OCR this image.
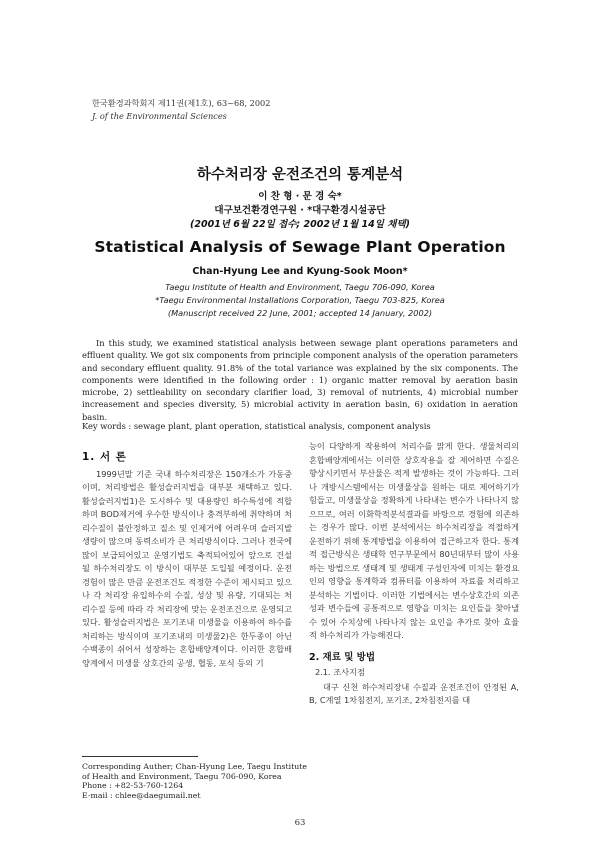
한국환경과학회지 제11권(제1호), 63~68, 2002
J. of the Environmental Sciences
하수처리장 운전조건의 통계분석
이 찬 형 · 문 경 숙*
대구보건환경연구원 · *대구환경시설공단
(2001년 6월 22일 접수; 2002년 1월 14일 채택)
Statistical Analysis of Sewage Plant Operation
Chan-Hyung Lee and Kyung-Sook Moon*
Taegu Institute of Health and Environment, Taegu 706-090, Korea
*Taegu Environmental Installations Corporation, Taegu 703-825, Korea
(Manuscript received 22 June, 2001; accepted 14 January, 2002)

In this study, we examined statistical analysis between sewage plant operations parameters and effluent quality. We got six components from principle component analysis of the operation parameters and secondary effluent quality. 91.8% of the total variance was explained by the six components. The components were identified in the following order : 1) organic matter removal by aeration basin microbe, 2) settleability on secondary clarifier load, 3) removal of nutrients, 4) microbial number increasement and species diversity, 5) microbial activity in aeration basin, 6) oxidation in aeration basin.

Key words : sewage plant, plant operation, statistical analysis, component analysis
1. 서 론

1999년말 기준 국내 하수처리장은 150개소가 가동중이며, 처리방법은 활성슬러지법을 대부분 채택하고 있다. 활성슬러지법1)은 도시하수 및 대용량인 하수특성에 적합하며 BOD제거에 우수한 방식이나 충격부하에 취약하며 처리수질이 불안정하고 질소 및 인제거에 어려우며 슬러지발생량이 많으며 동력소비가 큰 처리방식이다. 그러나 전국에 많이 보급되어있고 운영기법도 축적되어있어 앞으로 건설될 하수처리장도 이 방식이 대부분 도입될 예정이다. 운전경험이 많은 만큼 운전조건도 적정한 수준이 제시되고 있으나 각 처리장 유입하수의 수질, 성상 및 유량, 기대되는 처리수질 등에 따라 각 처리장에 맞는 운전조건으로 운영되고 있다. 활성슬러지법은 포기조내 미생물을 이용하여 하수를 처리하는 방식이며 포기조내의 미생물2)은 한두종이 아닌 수백종이 쉬어서 성장하는 혼합배양계이다. 이러한 혼합배양계에서 미생물 상호간의 공생, 협동, 포식 등의 기

능이 다양하게 작용하여 처리수를 맑게 한다. 생물처리의 혼합배양계에서는 이러한 상호작용을 잘 제어하면 수질은 향상시키면서 부산물은 적게 발생하는 것이 가능하다. 그러나 개방시스템에서는 미생물상을 원하는 대로 제어하기가 힘들고, 미생물상을 정확하게 나타내는 변수가 나타나지 않으므로, 여러 이화학적분석결과를 바탕으로 경험에 의존하는 경우가 많다. 이번 분석에서는 하수처리장을 적절하게 운전하기 위해 통계방법을 이용하여 접근하고자 한다. 통계적 접근방식은 생태학 연구부문에서 80년대부터 많이 사용하는 방법으로 생태계 및 생태계 구성인자에 미치는 환경요인의 영향을 통계학과 컴퓨터를 이용하여 자료를 처리하고 분석하는 기법이다. 이러한 기법에서는 변수상호간의 의존성과 변수들에 공통적으로 영향을 미치는 요인들을 찾아낼 수 있어 수치상에 나타나지 않는 요인을 추가로 찾아 효율적 하수처리가 가능해진다.

2. 재료 및 방법
2.1. 조사지점

대구 신천 하수처리장내 수질과 운전조건이 안정된 A, B, C계열 1차침전지, 포기조, 2차침전지를 대

Corresponding Auther; Chan-Hyung Lee, Taegu Institute
of Health and Environment, Taegu 706-090, Korea
Phone : +82-53-760-1264
E-mail : chlee@daegumail.net
63
